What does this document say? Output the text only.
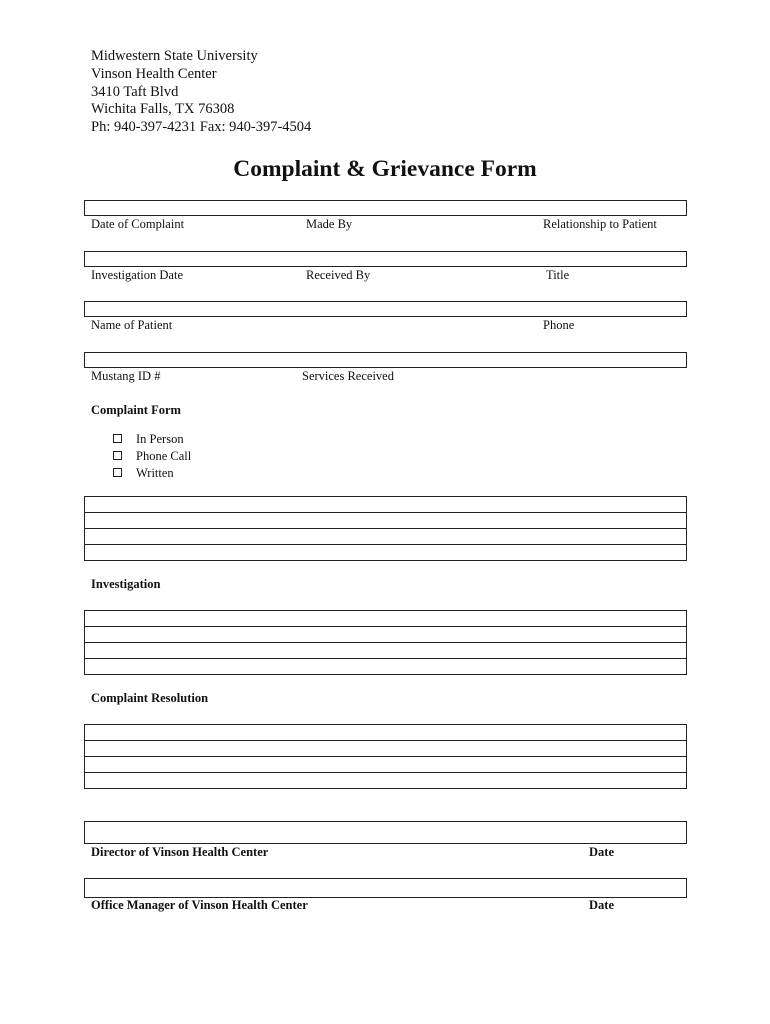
Midwestern State University
Vinson Health Center
3410 Taft Blvd
Wichita Falls, TX 76308
Ph: 940-397-4231 Fax: 940-397-4504
Complaint & Grievance Form
Date of Complaint	Made By	Relationship to Patient
Investigation Date	Received By	Title
Name of Patient	Phone
Mustang ID #	Services Received
Complaint Form
In Person
Phone Call
Written
Investigation
Complaint Resolution
Director of Vinson Health Center	Date
Office Manager of Vinson Health Center	Date
